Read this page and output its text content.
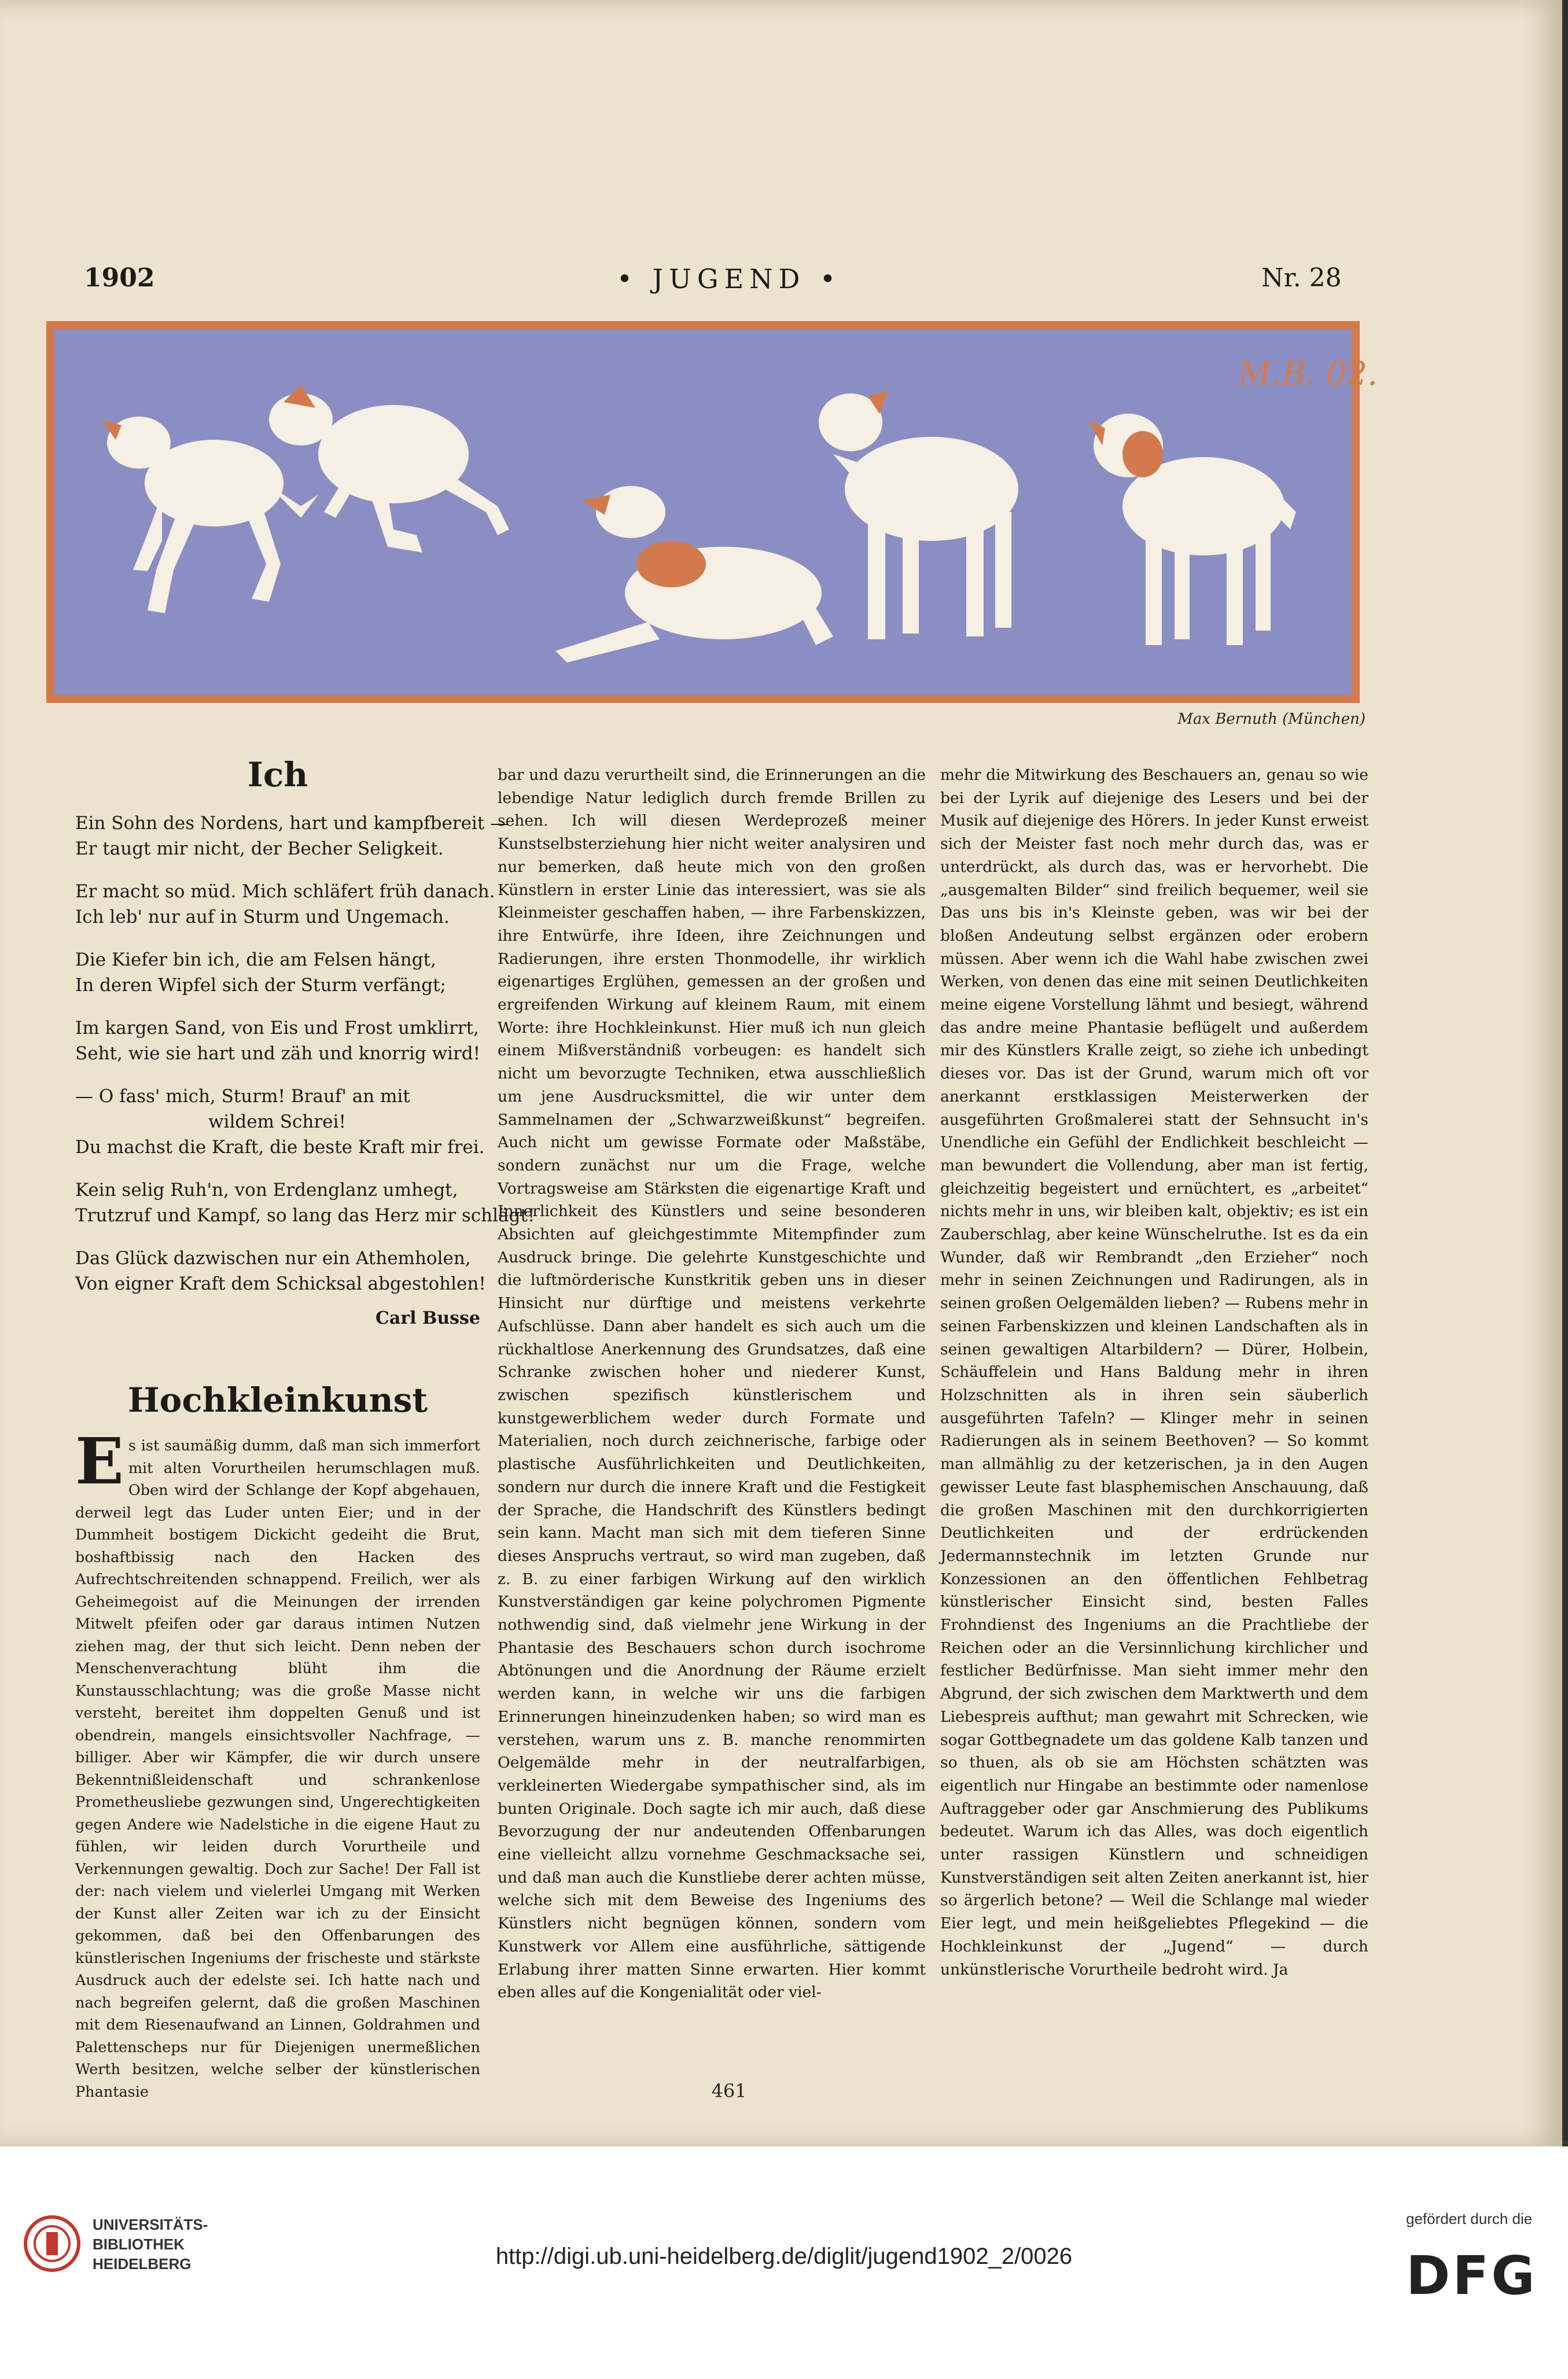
1902	• JUGEND •	Nr. 28
M.B. 02.
Max Bernuth (München)
Ich
Ein Sohn des Nordens, hart und kampfbereit —
Er taugt mir nicht, der Becher Seligkeit.
Er macht so müd. Mich schläfert früh danach.
Ich leb' nur auf in Sturm und Ungemach.
Die Kiefer bin ich, die am Felsen hängt,
In deren Wipfel sich der Sturm verfängt;
Im kargen Sand, von Eis und Frost umklirrt,
Seht, wie sie hart und zäh und knorrig wird!
— O fass' mich, Sturm! Brauf' an mit
wildem Schrei!
Du machst die Kraft, die beste Kraft mir frei.
Kein selig Ruh'n, von Erdenglanz umhegt,
Trutzruf und Kampf, so lang das Herz mir schlägt!
Das Glück dazwischen nur ein Athemholen,
Von eigner Kraft dem Schicksal abgestohlen!
Carl Busse
Hochkleinkunst
Es ist saumäßig dumm, daß man sich immerfort mit alten Vorurtheilen herumschlagen muß. Oben wird der Schlange der Kopf abgehauen, derweil legt das Luder unten Eier; und in der Dummheit bostigem Dickicht gedeiht die Brut, boshaftbissig nach den Hacken des Aufrechtschreitenden schnappend. Freilich, wer als Geheimegoist auf die Meinungen der irrenden Mitwelt pfeifen oder gar daraus intimen Nutzen ziehen mag, der thut sich leicht. Denn neben der Menschenverachtung blüht ihm die Kunstausschlachtung; was die große Masse nicht versteht, bereitet ihm doppelten Genuß und ist obendrein, mangels einsichtsvoller Nachfrage, — billiger. Aber wir Kämpfer, die wir durch unsere Bekenntnißleidenschaft und schrankenlose Prometheusliebe gezwungen sind, Ungerechtigkeiten gegen Andere wie Nadelstiche in die eigene Haut zu fühlen, wir leiden durch Vorurtheile und Verkennungen gewaltig. Doch zur Sache! Der Fall ist der: nach vielem und vielerlei Umgang mit Werken der Kunst aller Zeiten war ich zu der Einsicht gekommen, daß bei den Offenbarungen des künstlerischen Ingeniums der frischeste und stärkste Ausdruck auch der edelste sei. Ich hatte nach und nach begreifen gelernt, daß die großen Maschinen mit dem Riesenaufwand an Linnen, Goldrahmen und Palettenscheps nur für Diejenigen unermeßlichen Werth besitzen, welche selber der künstlerischen Phantasie
bar und dazu verurtheilt sind, die Erinnerungen an die lebendige Natur lediglich durch fremde Brillen zu sehen. Ich will diesen Werdeprozeß meiner Kunstselbsterziehung hier nicht weiter analysiren und nur bemerken, daß heute mich von den großen Künstlern in erster Linie das interessiert, was sie als Kleinmeister geschaffen haben, — ihre Farbenskizzen, ihre Entwürfe, ihre Ideen, ihre Zeichnungen und Radierungen, ihre ersten Thonmodelle, ihr wirklich eigenartiges Erglühen, gemessen an der großen und ergreifenden Wirkung auf kleinem Raum, mit einem Worte: ihre Hochkleinkunst. Hier muß ich nun gleich einem Mißverständniß vorbeugen: es handelt sich nicht um bevorzugte Techniken, etwa ausschließlich um jene Ausdrucksmittel, die wir unter dem Sammelnamen der „Schwarzweißkunst“ begreifen. Auch nicht um gewisse Formate oder Maßstäbe, sondern zunächst nur um die Frage, welche Vortragsweise am Stärksten die eigenartige Kraft und Innerlichkeit des Künstlers und seine besonderen Absichten auf gleichgestimmte Mitempfinder zum Ausdruck bringe. Die gelehrte Kunstgeschichte und die luftmörderische Kunstkritik geben uns in dieser Hinsicht nur dürftige und meistens verkehrte Aufschlüsse. Dann aber handelt es sich auch um die rückhaltlose Anerkennung des Grundsatzes, daß eine Schranke zwischen hoher und niederer Kunst, zwischen spezifisch künstlerischem und kunstgewerblichem weder durch Formate und Materialien, noch durch zeichnerische, farbige oder plastische Ausführlichkeiten und Deutlichkeiten, sondern nur durch die innere Kraft und die Festigkeit der Sprache, die Handschrift des Künstlers bedingt sein kann. Macht man sich mit dem tieferen Sinne dieses Anspruchs vertraut, so wird man zugeben, daß z. B. zu einer farbigen Wirkung auf den wirklich Kunstverständigen gar keine polychromen Pigmente nothwendig sind, daß vielmehr jene Wirkung in der Phantasie des Beschauers schon durch isochrome Abtönungen und die Anordnung der Räume erzielt werden kann, in welche wir uns die farbigen Erinnerungen hineinzudenken haben; so wird man es verstehen, warum uns z. B. manche renommirten Oelgemälde mehr in der neutralfarbigen, verkleinerten Wiedergabe sympathischer sind, als im bunten Originale. Doch sagte ich mir auch, daß diese Bevorzugung der nur andeutenden Offenbarungen eine vielleicht allzu vornehme Geschmacksache sei, und daß man auch die Kunstliebe derer achten müsse, welche sich mit dem Beweise des Ingeniums des Künstlers nicht begnügen können, sondern vom Kunstwerk vor Allem eine ausführliche, sättigende Erlabung ihrer matten Sinne erwarten. Hier kommt eben alles auf die Kongenialität oder viel-
mehr die Mitwirkung des Beschauers an, genau so wie bei der Lyrik auf diejenige des Lesers und bei der Musik auf diejenige des Hörers. In jeder Kunst erweist sich der Meister fast noch mehr durch das, was er unterdrückt, als durch das, was er hervorhebt. Die „ausgemalten Bilder“ sind freilich bequemer, weil sie Das uns bis in's Kleinste geben, was wir bei der bloßen Andeutung selbst ergänzen oder erobern müssen. Aber wenn ich die Wahl habe zwischen zwei Werken, von denen das eine mit seinen Deutlichkeiten meine eigene Vorstellung lähmt und besiegt, während das andre meine Phantasie beflügelt und außerdem mir des Künstlers Kralle zeigt, so ziehe ich unbedingt dieses vor. Das ist der Grund, warum mich oft vor anerkannt erstklassigen Meisterwerken der ausgeführten Großmalerei statt der Sehnsucht in's Unendliche ein Gefühl der Endlichkeit beschleicht — man bewundert die Vollendung, aber man ist fertig, gleichzeitig begeistert und ernüchtert, es „arbeitet“ nichts mehr in uns, wir bleiben kalt, objektiv; es ist ein Zauberschlag, aber keine Wünschelruthe. Ist es da ein Wunder, daß wir Rembrandt „den Erzieher“ noch mehr in seinen Zeichnungen und Radirungen, als in seinen großen Oelgemälden lieben? — Rubens mehr in seinen Farbenskizzen und kleinen Landschaften als in seinen gewaltigen Altarbildern? — Dürer, Holbein, Schäuffelein und Hans Baldung mehr in ihren Holzschnitten als in ihren sein säuberlich ausgeführten Tafeln? — Klinger mehr in seinen Radierungen als in seinem Beethoven? — So kommt man allmählig zu der ketzerischen, ja in den Augen gewisser Leute fast blasphemischen Anschauung, daß die großen Maschinen mit den durchkorrigierten Deutlichkeiten und der erdrückenden Jedermannstechnik im letzten Grunde nur Konzessionen an den öffentlichen Fehlbetrag künstlerischer Einsicht sind, besten Falles Frohndienst des Ingeniums an die Prachtliebe der Reichen oder an die Versinnlichung kirchlicher und festlicher Bedürfnisse. Man sieht immer mehr den Abgrund, der sich zwischen dem Marktwerth und dem Liebespreis aufthut; man gewahrt mit Schrecken, wie sogar Gottbegnadete um das goldene Kalb tanzen und so thuen, als ob sie am Höchsten schätzten was eigentlich nur Hingabe an bestimmte oder namenlose Auftraggeber oder gar Anschmierung des Publikums bedeutet. Warum ich das Alles, was doch eigentlich unter rassigen Künstlern und schneidigen Kunstverständigen seit alten Zeiten anerkannt ist, hier so ärgerlich betone? — Weil die Schlange mal wieder Eier legt, und mein heißgeliebtes Pflegekind — die Hochkleinkunst der „Jugend“ — durch unkünstlerische Vorurtheile bedroht wird. Ja
461
UNIVERSITÄTS-
BIBLIOTHEK
HEIDELBERG	http://digi.ub.uni-heidelberg.de/diglit/jugend1902_2/0026
gefördert durch die
DFG
